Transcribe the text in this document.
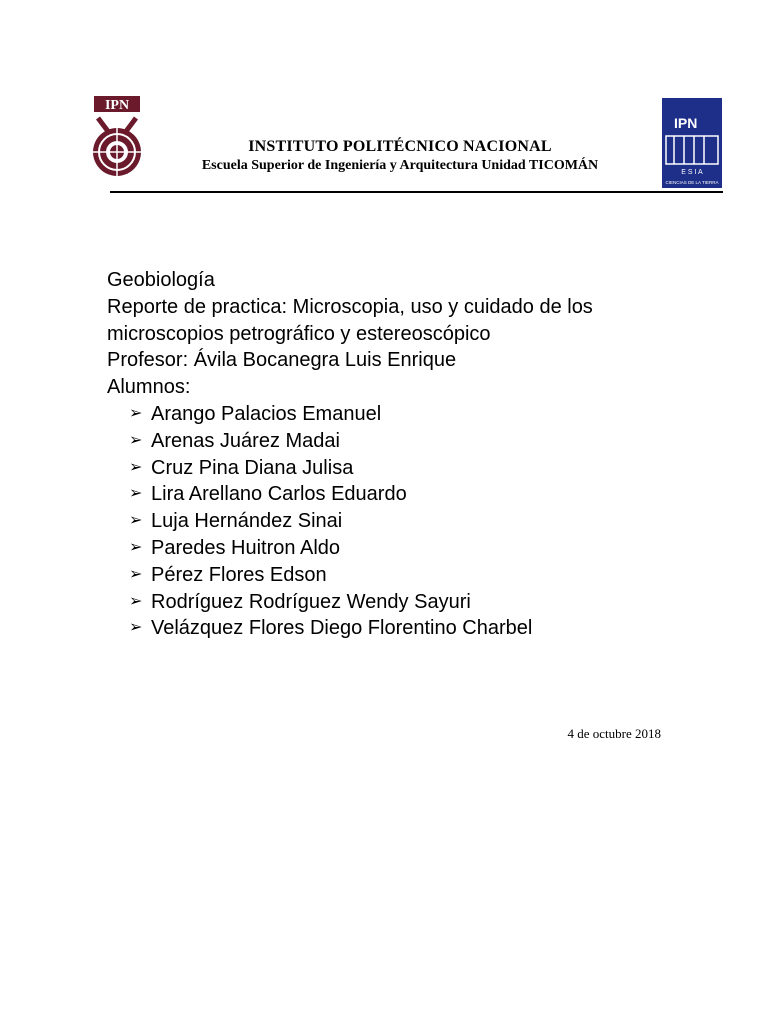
IPN
INSTITUTO POLITÉCNICO NACIONAL
Escuela Superior de Ingeniería y Arquitectura Unidad TICOMÁN
IPN
E S I A
CIENCIAS DE LA TIERRA

Geobiología

Reporte de practica: Microscopia, uso y cuidado de los

microscopios petrográfico y estereoscópico

Profesor: Ávila Bocanegra Luis Enrique

Alumnos:

➢ Arango Palacios Emanuel
➢ Arenas Juárez Madai
➢ Cruz Pina Diana Julisa
➢ Lira Arellano Carlos Eduardo
➢ Luja Hernández Sinai
➢ Paredes Huitron Aldo
➢ Pérez Flores Edson
➢ Rodríguez Rodríguez Wendy Sayuri
➢ Velázquez Flores Diego Florentino Charbel
4 de octubre 2018
